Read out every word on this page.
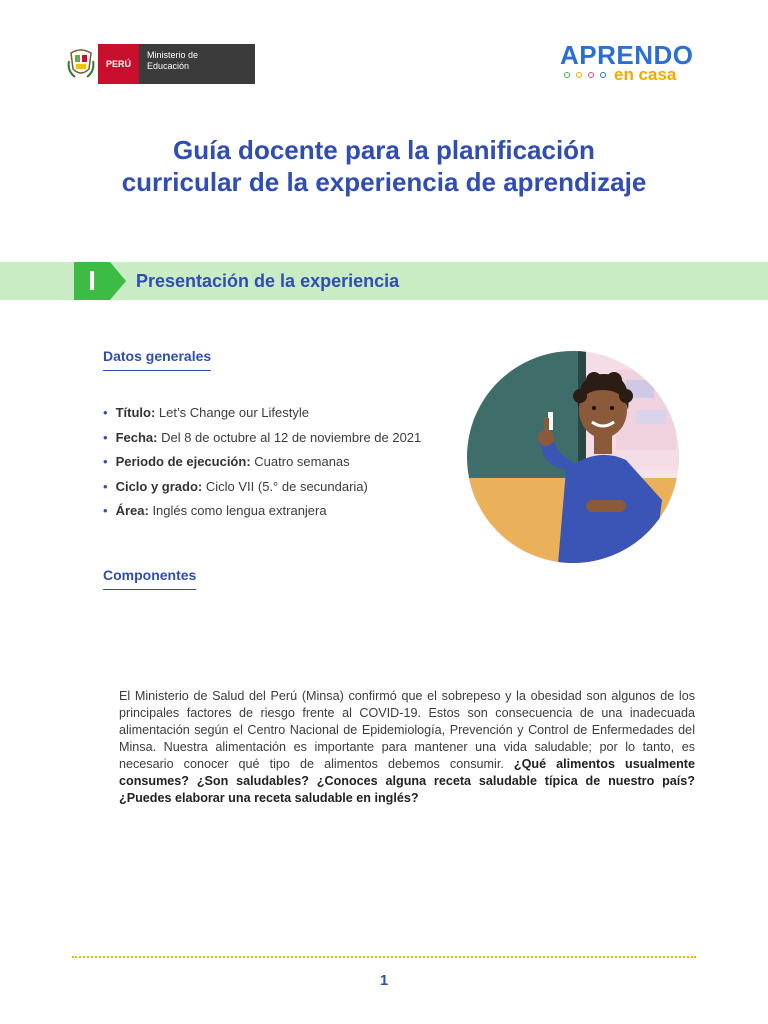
PERÚ
Ministerio de Educación	APRENDO
en casa
Guía docente para la planificación
curricular de la experiencia de aprendizaje
I	Presentación de la experiencia
Datos generales
• Título: Let’s Change our Lifestyle
• Fecha: Del 8 de octubre al 12 de noviembre de 2021
• Periodo de ejecución: Cuatro semanas
• Ciclo y grado: Ciclo VII (5.° de secundaria)
• Área: Inglés como lengua extranjera
Componentes

El Ministerio de Salud del Perú (Minsa) confirmó que el sobrepeso y la obesidad son algunos de los principales factores de riesgo frente al COVID-19. Estos son consecuencia de una inadecuada alimentación según el Centro Nacional de Epidemiología, Prevención y Control de Enfermedades del Minsa. Nuestra alimentación es importante para mantener una vida saludable; por lo tanto, es necesario conocer qué tipo de alimentos debemos consumir. ¿Qué alimentos usualmente consumes? ¿Son saludables? ¿Conoces alguna receta saludable típica de nuestro país? ¿Puedes elaborar una receta saludable en inglés?

1
